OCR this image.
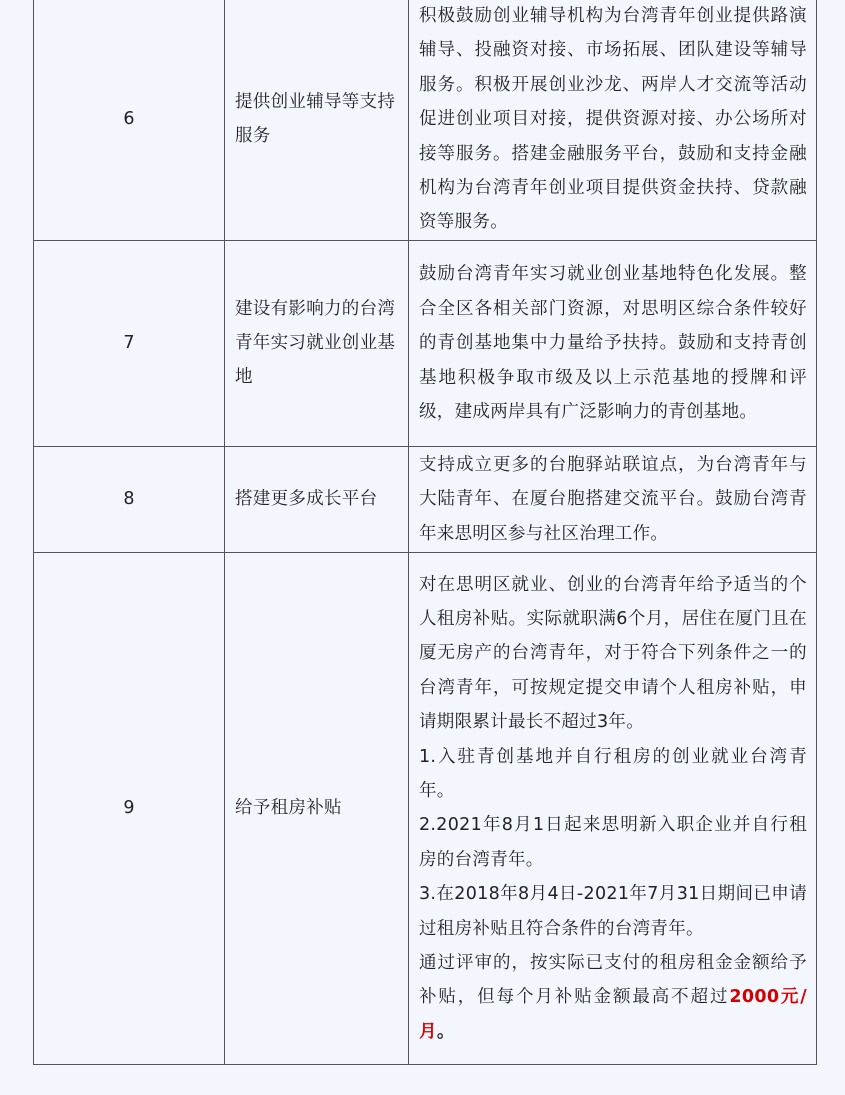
6	提供创业辅导等支持服务	积极鼓励创业辅导机构为台湾青年创业提供路演辅导、投融资对接、市场拓展、团队建设等辅导服务。积极开展创业沙龙、两岸人才交流等活动促进创业项目对接，提供资源对接、办公场所对接等服务。搭建金融服务平台，鼓励和支持金融机构为台湾青年创业项目提供资金扶持、贷款融资等服务。

7	建设有影响力的台湾青年实习就业创业基地	鼓励台湾青年实习就业创业基地特色化发展。整合全区各相关部门资源，对思明区综合条件较好的青创基地集中力量给予扶持。鼓励和支持青创基地积极争取市级及以上示范基地的授牌和评级，建成两岸具有广泛影响力的青创基地。

8	搭建更多成长平台	支持成立更多的台胞驿站联谊点，为台湾青年与大陆青年、在厦台胞搭建交流平台。鼓励台湾青年来思明区参与社区治理工作。

9	给予租房补贴	对在思明区就业、创业的台湾青年给予适当的个人租房补贴。实际就职满6个月，居住在厦门且在厦无房产的台湾青年，对于符合下列条件之一的台湾青年，可按规定提交申请个人租房补贴，申请期限累计最长不超过3年。

1.入驻青创基地并自行租房的创业就业台湾青年。

2.2021年8月1日起来思明新入职企业并自行租房的台湾青年。

3.在2018年8月4日-2021年7月31日期间已申请过租房补贴且符合条件的台湾青年。

通过评审的，按实际已支付的租房租金金额给予补贴，但每个月补贴金额最高不超过2000元/月。
